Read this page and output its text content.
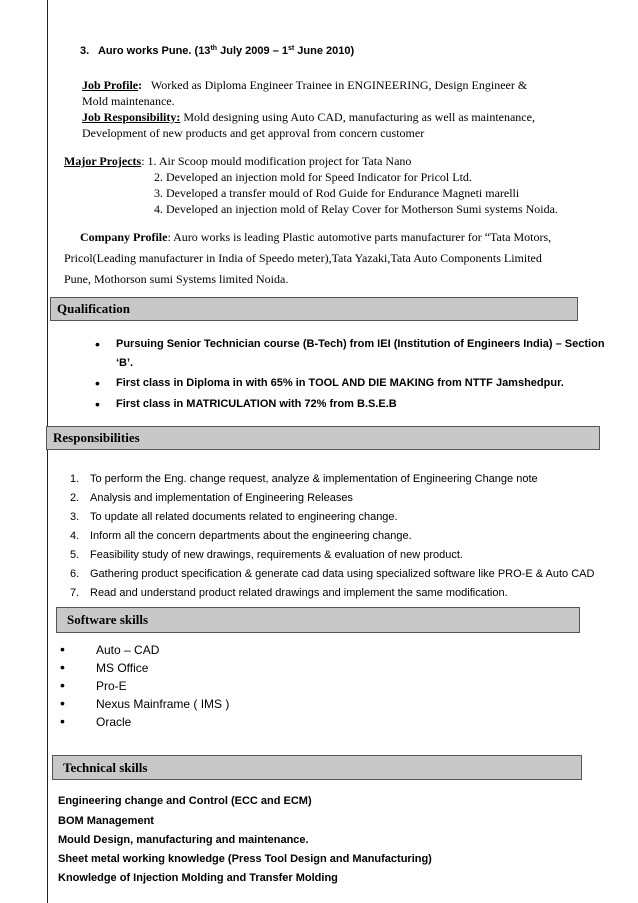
3. Auro works Pune. (13th July 2009 – 1st June 2010)
Job Profile: Worked as Diploma Engineer Trainee in ENGINEERING, Design Engineer &
Mold maintenance.
Job Responsibility: Mold designing using Auto CAD, manufacturing as well as maintenance,
Development of new products and get approval from concern customer
Major Projects: 1. Air Scoop mould modification project for Tata Nano
2. Developed an injection mold for Speed Indicator for Pricol Ltd.
3. Developed a transfer mould of Rod Guide for Endurance Magneti marelli
4. Developed an injection mold of Relay Cover for Motherson Sumi systems Noida.
Company Profile: Auro works is leading Plastic automotive parts manufacturer for “Tata Motors,
Pricol(Leading manufacturer in India of Speedo meter),Tata Yazaki,Tata Auto Components Limited
Pune, Mothorson sumi Systems limited Noida.
Qualification
• Pursuing Senior Technician course (B-Tech) from IEI (Institution of Engineers India) – Section
‘B’.
• First class in Diploma in with 65% in TOOL AND DIE MAKING from NTTF Jamshedpur.
• First class in MATRICULATION with 72% from B.S.E.B
Responsibilities
Software skills
Technical skills
1. To perform the Eng. change request, analyze & implementation of Engineering Change note
2. Analysis and implementation of Engineering Releases
3. To update all related documents related to engineering change.
4. Inform all the concern departments about the engineering change.
5. Feasibility study of new drawings, requirements & evaluation of new product.
6. Gathering product specification & generate cad data using specialized software like PRO-E & Auto CAD
7. Read and understand product related drawings and implement the same modification.
•	Auto – CAD
•	MS Office
•	Pro-E
•	Nexus Mainframe ( IMS )
•	Oracle
Engineering change and Control (ECC and ECM)
BOM Management
Mould Design, manufacturing and maintenance.
Sheet metal working knowledge (Press Tool Design and Manufacturing)
Knowledge of Injection Molding and Transfer Molding
